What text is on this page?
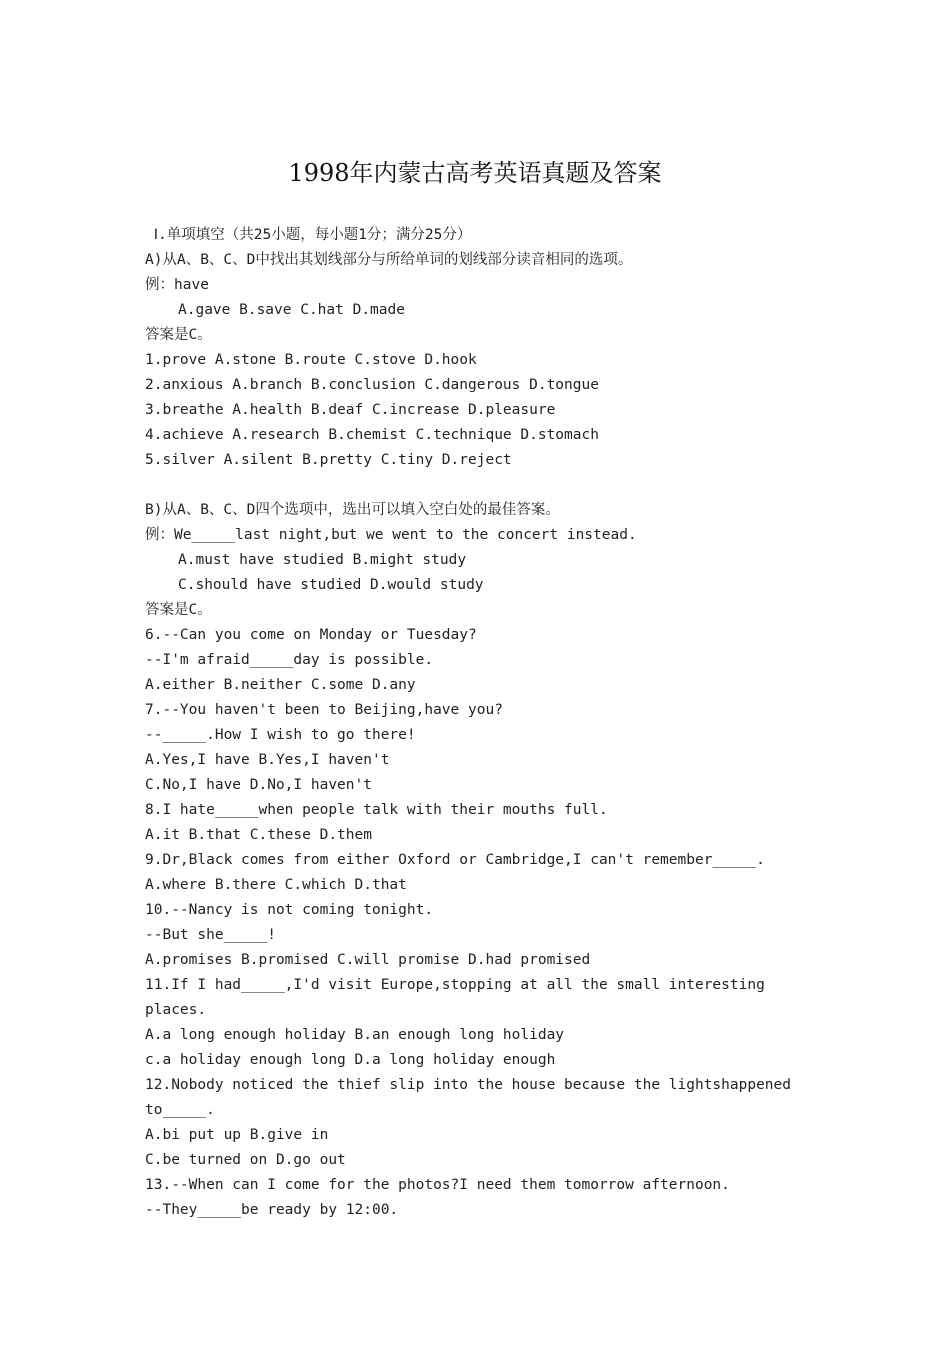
1998年内蒙古高考英语真题及答案
Ⅰ.单项填空（共25小题，每小题1分；满分25分）
A)从A、B、C、D中找出其划线部分与所给单词的划线部分读音相同的选项。
例：have
A.gave B.save C.hat D.made
答案是C。
1.prove A.stone B.route C.stove D.hook
2.anxious A.branch B.conclusion C.dangerous D.tongue
3.breathe A.health B.deaf C.increase D.pleasure
4.achieve A.research B.chemist C.technique D.stomach
5.silver A.silent B.pretty C.tiny D.reject
B)从A、B、C、D四个选项中，选出可以填入空白处的最佳答案。
例：We_____last night,but we went to the concert instead.
A.must have studied B.might study
C.should have studied D.would study
答案是C。
6.--Can you come on Monday or Tuesday?
--I'm afraid_____day is possible.
A.either B.neither C.some D.any
7.--You haven't been to Beijing,have you?
--_____.How I wish to go there!
A.Yes,I have B.Yes,I haven't
C.No,I have D.No,I haven't
8.I hate_____when people talk with their mouths full.
A.it B.that C.these D.them
9.Dr,Black comes from either Oxford or Cambridge,I can't remember_____.
A.where B.there C.which D.that
10.--Nancy is not coming tonight.
--But she_____!
A.promises B.promised C.will promise D.had promised
11.If I had_____,I'd visit Europe,stopping at all the small interesting
places.
A.a long enough holiday B.an enough long holiday
c.a holiday enough long D.a long holiday enough
12.Nobody noticed the thief slip into the house because the lightshappened
to_____.
A.bi put up B.give in
C.be turned on D.go out
13.--When can I come for the photos?I need them tomorrow afternoon.
--They_____be ready by 12:00.
